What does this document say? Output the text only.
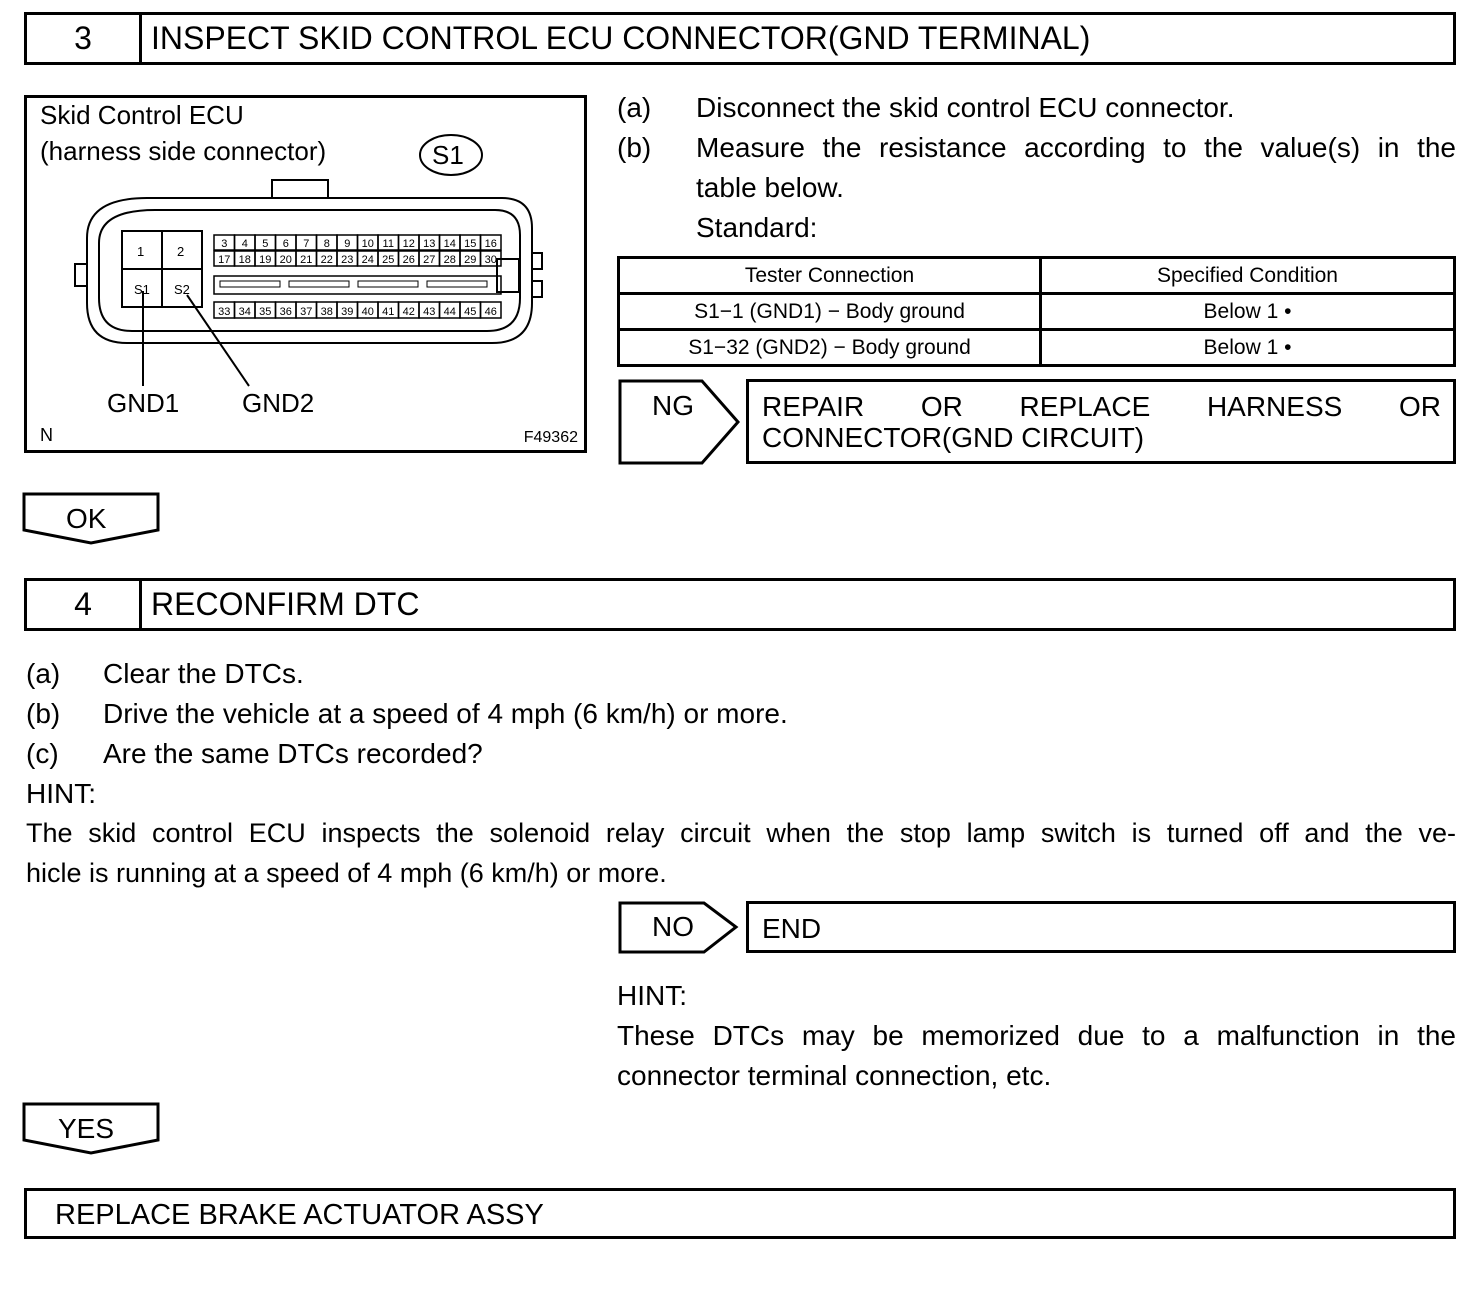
3	INSPECT SKID CONTROL ECU CONNECTOR(GND TERMINAL)
Skid Control ECU
(harness side connector)
3 4 5 6 7 8 9 10 11 12 13 14 15 16
17 18 19 20 21 22 23 24 25 26 27 28 29 30
33 34 35 36 37 38 39 40 41 42 43 44 45 46
S1
1	2
S1 S2
GND1 GND2
N	F49362
(a) Disconnect the skid control ECU connector.
(b) Measure the resistance according to the value(s) in the
table below.
Standard:
Tester Connection	Specified Condition
S1−1 (GND1) − Body ground	Below 1 •
S1−32 (GND2) − Body ground	Below 1 •
NG REPAIR OR REPLACE HARNESS OR
CONNECTOR(GND CIRCUIT)
OK
4	RECONFIRM DTC
(a) Clear the DTCs.
(b) Drive the vehicle at a speed of 4 mph (6 km/h) or more.
(c) Are the same DTCs recorded?
HINT:
The skid control ECU inspects the solenoid relay circuit when the stop lamp switch is turned off and the ve-
hicle is running at a speed of 4 mph (6 km/h) or more.
NO END
HINT:
These DTCs may be memorized due to a malfunction in the
connector terminal connection, etc.
YES
REPLACE BRAKE ACTUATOR ASSY
